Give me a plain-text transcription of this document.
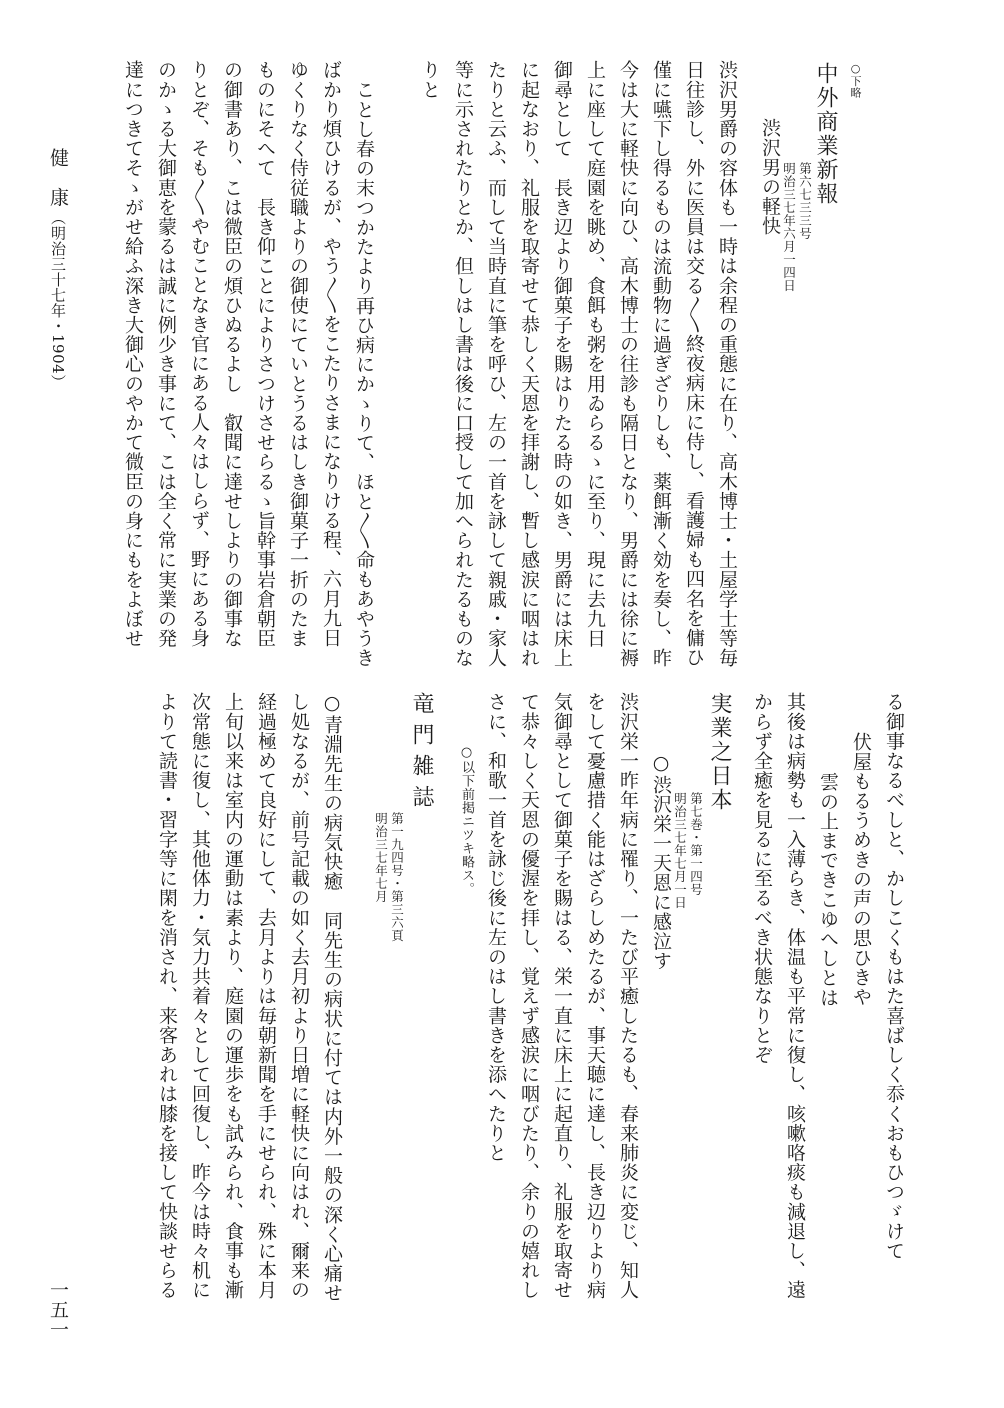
○下略
中外商業新報
第六七三三号
明治三七年六月一四日
渋沢男の軽快
渋沢男爵の容体も一時は余程の重態に在り、高木博士・土屋学士等毎
日往診し、外に医員は交る〳〵終夜病床に侍し、看護婦も四名を傭ひ
僅に嚥下し得るものは流動物に過ぎざりしも、薬餌漸く効を奏し、昨
今は大に軽快に向ひ、高木博士の往診も隔日となり、男爵には徐に褥
上に座して庭園を眺め、食餌も粥を用ゐらるゝに至り、現に去九日
御尋として　長き辺より御菓子を賜はりたる時の如き、男爵には床上
に起なおり、礼服を取寄せて恭しく天恩を拝謝し、暫し感涙に咽はれ
たりと云ふ、而して当時直に筆を呼ひ、左の一首を詠して親戚・家人
等に示されたりとか、但しはし書は後に口授して加へられたるものな
りと
ことし春の末つかたより再ひ病にかゝりて、ほと〳〵命もあやうき
ばかり煩ひけるが、やう〳〵をこたりさまになりける程、六月九日
ゆくりなく侍従職よりの御使にていとうるはしき御菓子一折のたま
ものにそへて　長き仰ことによりさつけさせらるゝ旨幹事岩倉朝臣
の御書あり、こは微臣の煩ひぬるよし　叡聞に達せしよりの御事な
りとぞ、そも〳〵やむことなき官にある人々はしらず、野にある身
のかゝる大御恵を蒙るは誠に例少き事にて、こは全く常に実業の発
達につきてそゝがせ給ふ深き大御心のやかて微臣の身にもをよぼせ
健　康
（明治三十七年・1904）
る御事なるべしと、かしこくもはた喜ばしく忝くおもひつゞけて
伏屋もるうめきの声の思ひきや
雲の上まできこゆへしとは
其後は病勢も一入薄らき、体温も平常に復し、咳嗽咯痰も減退し、遠
からず全癒を見るに至るべき状態なりとぞ
実業之日本
第七巻・第一四号
明治三七年七月一日
○渋沢栄一天恩に感泣す
渋沢栄一昨年病に罹り、一たび平癒したるも、春来肺炎に変じ、知人
をして憂慮措く能はざらしめたるが、事天聴に達し、長き辺りより病
気御尋として御菓子を賜はる、栄一直に床上に起直り、礼服を取寄せ
て恭々しく天恩の優渥を拝し、覚えず感涙に咽びたり、余りの嬉れし
さに、和歌一首を詠じ後に左のはし書きを添へたりと
○以下前掲ニツキ略ス。
竜門雑誌
第一九四号・第三六頁
明治三七年七月
○青淵先生の病気快癒　同先生の病状に付ては内外一般の深く心痛せ
し処なるが、前号記載の如く去月初より日増に軽快に向はれ、爾来の
経過極めて良好にして、去月よりは毎朝新聞を手にせられ、殊に本月
上旬以来は室内の運動は素より、庭園の運歩をも試みられ、食事も漸
次常態に復し、其他体力・気力共着々として回復し、昨今は時々机に
よりて読書・習字等に閑を消され、来客あれは膝を接して快談せらる
一五一
